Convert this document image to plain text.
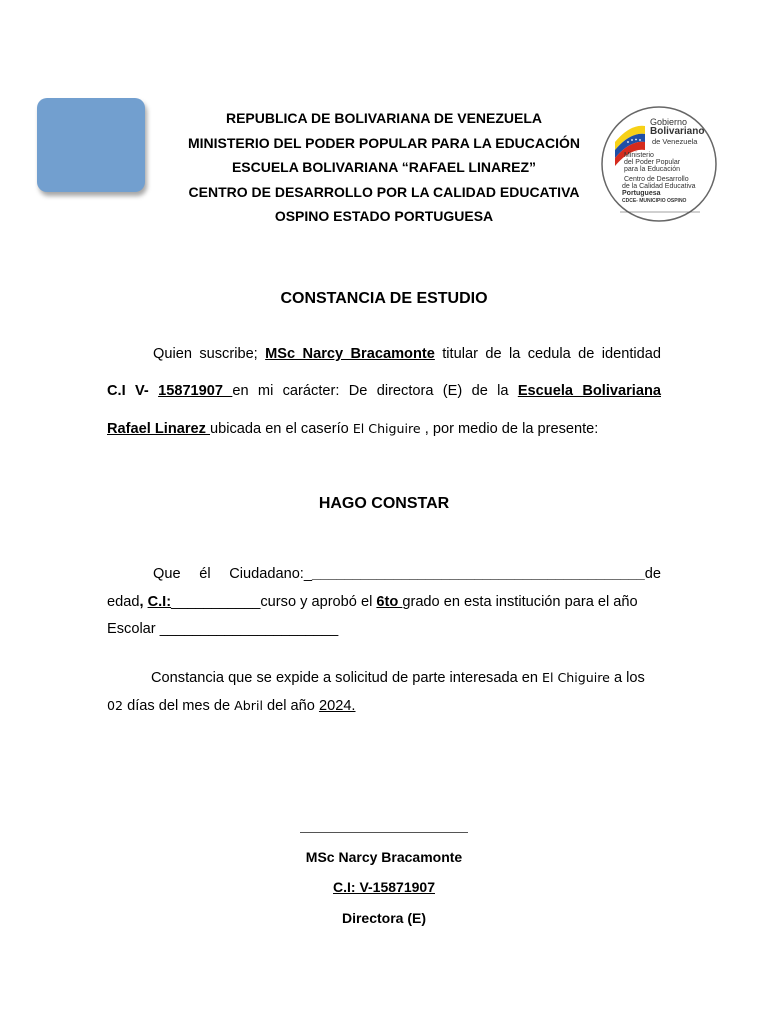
REPUBLICA DE BOLIVARIANA DE VENEZUELA
MINISTERIO DEL PODER POPULAR PARA LA EDUCACIÓN
ESCUELA BOLIVARIANA “RAFAEL LINAREZ”
CENTRO DE DESARROLLO POR LA CALIDAD EDUCATIVA
OSPINO ESTADO PORTUGUESA
Gobierno
Bolivariano
de Venezuela
Ministerio
del Poder Popular
para la Educación
Centro de Desarrollo
de la Calidad Educativa
Portuguesa
CDCE- MUNICIPIO OSPINO
CONSTANCIA DE ESTUDIO
Quien suscribe; MSc Narcy Bracamonte titular de la cedula de identidad
C.I V- 15871907 en mi carácter: De directora (E) de la Escuela Bolivariana
Rafael Linarez ubicada en el caserío El Chiguire , por medio de la presente:
HAGO CONSTAR
Que él Ciudadano:__________________________________________de
edad, C.I:___________curso y aprobó el 6to grado en esta institución para el año
Escolar ______________________
Constancia que se expide a solicitud de parte interesada en El Chiguire a los
02 días del mes de Abril del año 2024.
MSc Narcy Bracamonte
C.I: V-15871907
Directora (E)
